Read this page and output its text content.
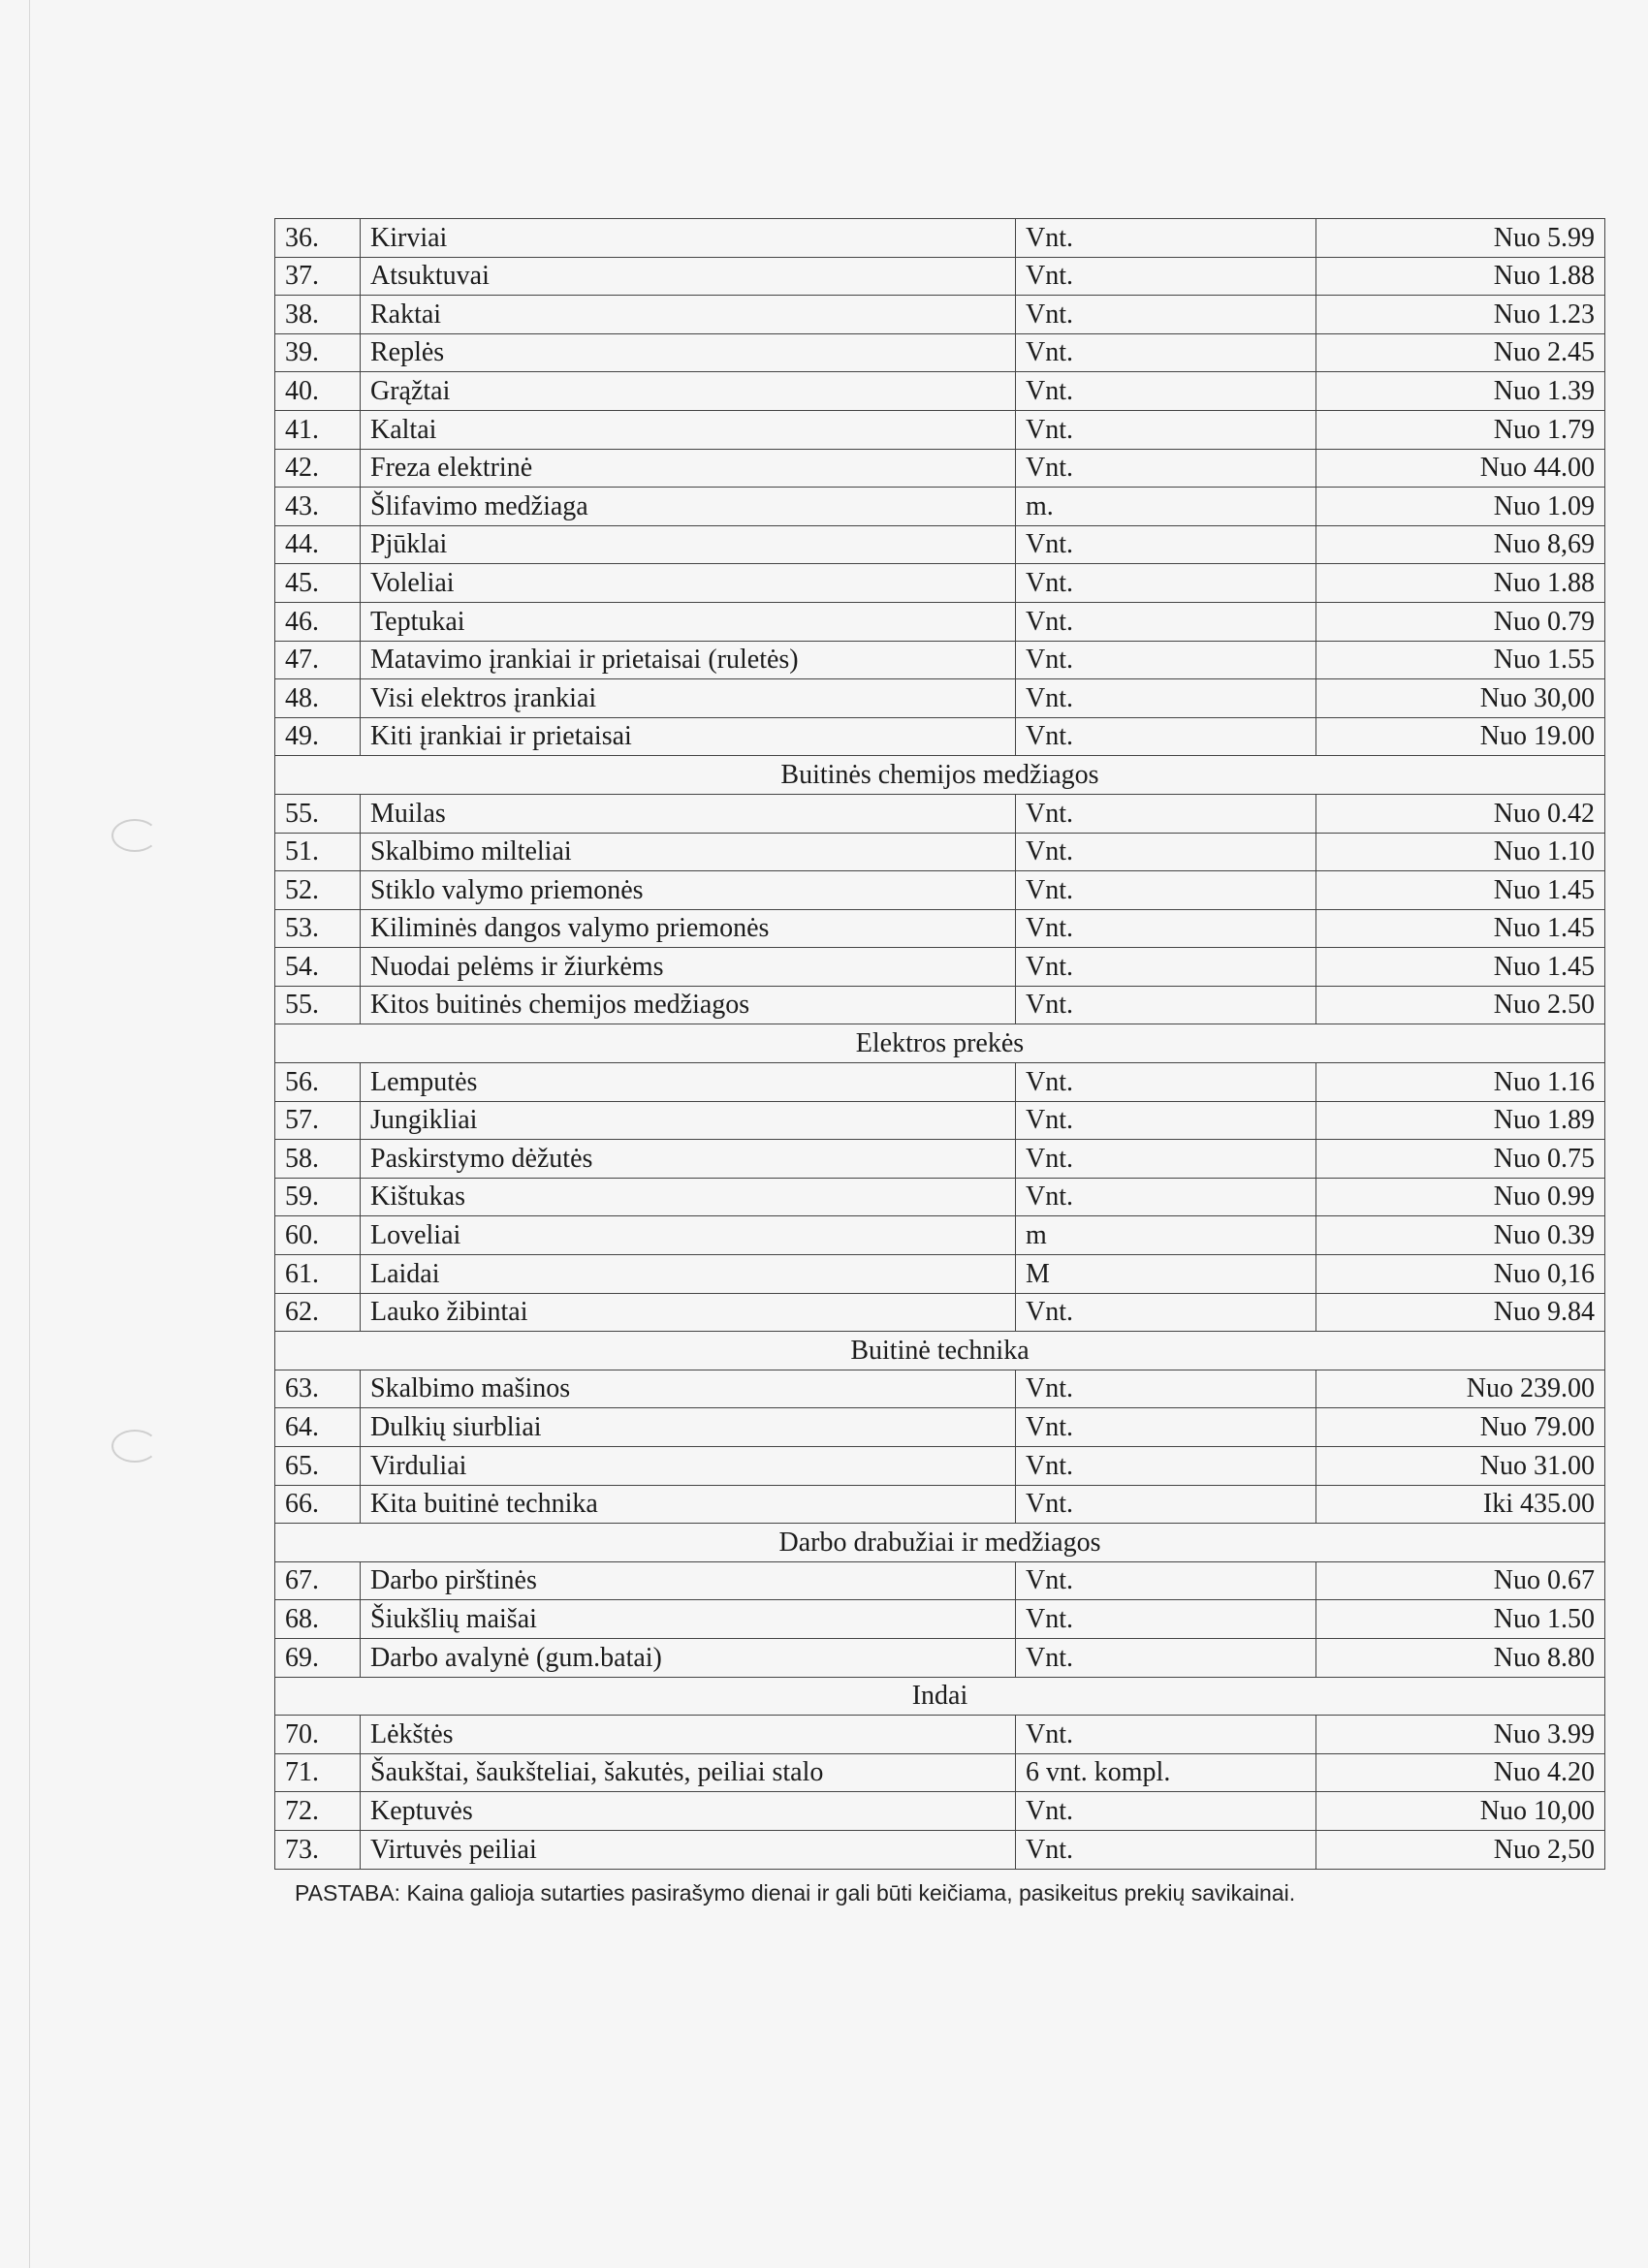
36.	Kirviai	Vnt.	Nuo 5.99
37.	Atsuktuvai	Vnt.	Nuo 1.88
38.	Raktai	Vnt.	Nuo 1.23
39.	Replės	Vnt.	Nuo 2.45
40.	Grąžtai	Vnt.	Nuo 1.39
41.	Kaltai	Vnt.	Nuo 1.79
42.	Freza elektrinė	Vnt.	Nuo 44.00
43.	Šlifavimo medžiaga	m.	Nuo 1.09
44.	Pjūklai	Vnt.	Nuo 8,69
45.	Voleliai	Vnt.	Nuo 1.88
46.	Teptukai	Vnt.	Nuo 0.79
47.	Matavimo įrankiai ir prietaisai (ruletės)	Vnt.	Nuo 1.55
48.	Visi elektros įrankiai	Vnt.	Nuo 30,00
49.	Kiti įrankiai ir prietaisai	Vnt.	Nuo 19.00
Buitinės chemijos medžiagos			
55.	Muilas	Vnt.	Nuo 0.42
51.	Skalbimo milteliai	Vnt.	Nuo 1.10
52.	Stiklo valymo priemonės	Vnt.	Nuo 1.45
53.	Kiliminės dangos valymo priemonės	Vnt.	Nuo 1.45
54.	Nuodai pelėms ir žiurkėms	Vnt.	Nuo 1.45
55.	Kitos buitinės chemijos medžiagos	Vnt.	Nuo 2.50
Elektros prekės			
56.	Lemputės	Vnt.	Nuo 1.16
57.	Jungikliai	Vnt.	Nuo 1.89
58.	Paskirstymo dėžutės	Vnt.	Nuo 0.75
59.	Kištukas	Vnt.	Nuo 0.99
60.	Loveliai	m	Nuo 0.39
61.	Laidai	M	Nuo 0,16
62.	Lauko žibintai	Vnt.	Nuo 9.84
Buitinė technika			
63.	Skalbimo mašinos	Vnt.	Nuo 239.00
64.	Dulkių siurbliai	Vnt.	Nuo 79.00
65.	Virduliai	Vnt.	Nuo 31.00
66.	Kita buitinė technika	Vnt.	Iki 435.00
Darbo drabužiai ir medžiagos			
67.	Darbo pirštinės	Vnt.	Nuo 0.67
68.	Šiukšlių maišai	Vnt.	Nuo 1.50
69.	Darbo avalynė (gum.batai)	Vnt.	Nuo 8.80
Indai			
70.	Lėkštės	Vnt.	Nuo 3.99
71.	Šaukštai, šaukšteliai, šakutės, peiliai stalo	6 vnt. kompl.	Nuo 4.20
72.	Keptuvės	Vnt.	Nuo 10,00
73.	Virtuvės peiliai	Vnt.	Nuo 2,50
PASTABA: Kaina galioja sutarties pasirašymo dienai ir gali būti keičiama, pasikeitus prekių savikainai.
